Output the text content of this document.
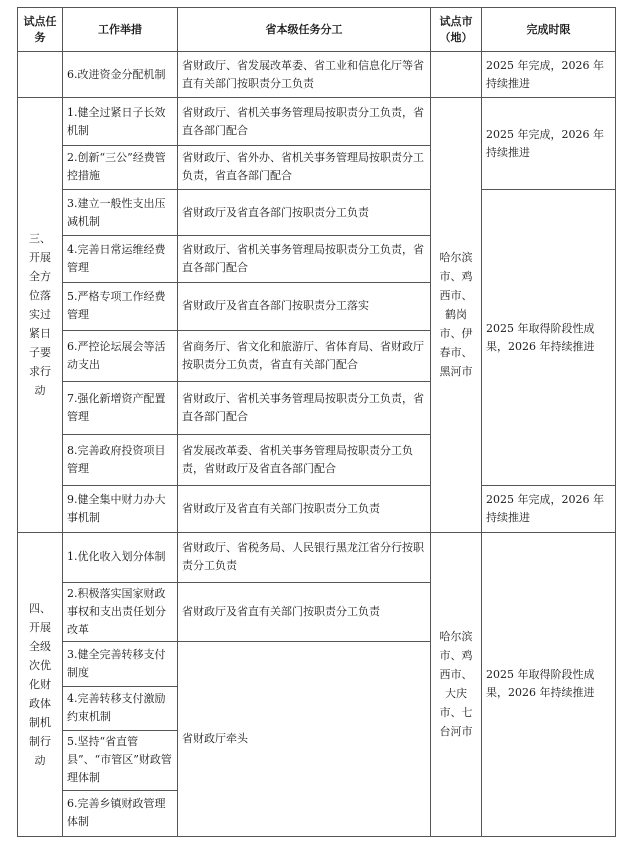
试点任务	工作举措	省本级任务分工	试点市（地）	完成时限

	6.改进资金分配机制	省财政厅、省发展改革委、省工业和信息化厅等省直有关部门按职责分工负责		2025 年完成，2026 年持续推进

三、开展全方位落实过紧日子要求行动	1.健全过紧日子长效机制	省财政厅、省机关事务管理局按职责分工负责，省直各部门配合	哈尔滨市、鸡西市、鹤岗市、伊春市、黑河市	2025 年完成，2026 年持续推进

	2.创新“三公”经费管控措施	省财政厅、省外办、省机关事务管理局按职责分工负责，省直各部门配合		

	3.建立一般性支出压减机制	省财政厅及省直各部门按职责分工负责		2025 年取得阶段性成果，2026 年持续推进

	4.完善日常运维经费管理	省财政厅、省机关事务管理局按职责分工负责，省直各部门配合		

	5.严格专项工作经费管理	省财政厅及省直各部门按职责分工落实		

	6.严控论坛展会等活动支出	省商务厅、省文化和旅游厅、省体育局、省财政厅按职责分工负责，省直有关部门配合		

	7.强化新增资产配置管理	省财政厅、省机关事务管理局按职责分工负责，省直各部门配合		

	8.完善政府投资项目管理	省发展改革委、省机关事务管理局按职责分工负责，省财政厅及省直各部门配合		

	9.健全集中财力办大事机制	省财政厅及省直有关部门按职责分工负责		2025 年完成，2026 年持续推进

四、开展全级次优化财政体制机制行动	1.优化收入划分体制	省财政厅、省税务局、人民银行黑龙江省分行按职责分工负责	哈尔滨市、鸡西市、大庆市、七台河市	2025 年取得阶段性成果，2026 年持续推进

	2.积极落实国家财政事权和支出责任划分改革	省财政厅及省直有关部门按职责分工负责		

	3.健全完善转移支付制度	省财政厅牵头		

	4.完善转移支付激励约束机制			

	5.坚持“省直管县”、“市管区”财政管理体制			

	6.完善乡镇财政管理体制			
